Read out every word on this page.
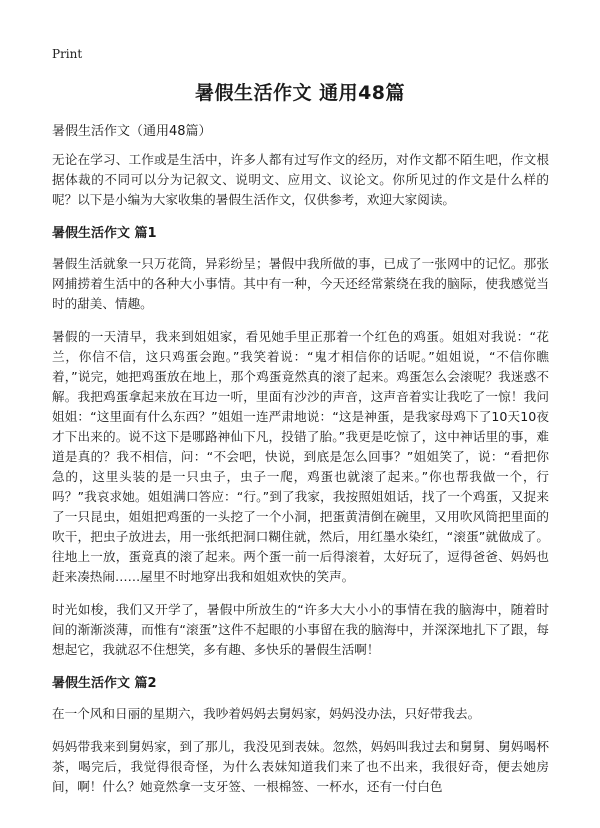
Print
暑假生活作文 通用48篇
暑假生活作文（通用48篇）

无论在学习、工作或是生活中，许多人都有过写作文的经历，对作文都不陌生吧，作文根据体裁的不同可以分为记叙文、说明文、应用文、议论文。你所见过的作文是什么样的呢？以下是小编为大家收集的暑假生活作文，仅供参考，欢迎大家阅读。

暑假生活作文 篇1

暑假生活就象一只万花筒，异彩纷呈；暑假中我所做的事，已成了一张网中的记忆。那张网捕捞着生活中的各种大小事情。其中有一种，今天还经常萦绕在我的脑际，使我感觉当时的甜美、情趣。

暑假的一天清早，我来到姐姐家，看见她手里正那着一个红色的鸡蛋。姐姐对我说：“花兰，你信不信，这只鸡蛋会跑。”我笑着说：“鬼才相信你的话呢。”姐姐说，“不信你瞧着，”说完，她把鸡蛋放在地上，那个鸡蛋竟然真的滚了起来。鸡蛋怎么会滚呢？我迷惑不解。我把鸡蛋拿起来放在耳边一听，里面有沙沙的声音，这声音着实让我吃了一惊！我问姐姐：“这里面有什么东西？”姐姐一连严肃地说：“这是神蛋，是我家母鸡下了10天10夜才下出来的。说不这下是哪路神仙下凡，投错了胎。”我更是吃惊了，这中神话里的事，难道是真的？我不相信，问：“不会吧，快说，到底是怎么回事？”姐姐笑了，说：“看把你急的，这里头装的是一只虫子，虫子一爬，鸡蛋也就滚了起来。”你也帮我做一个，行吗？”我哀求她。姐姐满口答应：“行。”到了我家，我按照姐姐话，找了一个鸡蛋，又捉来了一只昆虫，姐姐把鸡蛋的一头挖了一个小洞，把蛋黄清倒在碗里，又用吹风筒把里面的吹干，把虫子放进去，用一张纸把洞口糊住就，然后，用红墨水染红，“滚蛋”就做成了。往地上一放，蛋竟真的滚了起来。两个蛋一前一后得滚着，太好玩了，逗得爸爸、妈妈也赶来凑热闹……屋里不时地穿出我和姐姐欢快的笑声。

时光如梭，我们又开学了，暑假中所放生的“许多大大小小的事情在我的脑海中，随着时间的渐渐淡薄，而惟有“滚蛋”这件不起眼的小事留在我的脑海中，并深深地扎下了跟，每想起它，我就忍不住想笑，多有趣、多快乐的暑假生活啊！

暑假生活作文 篇2

在一个风和日丽的星期六，我吵着妈妈去舅妈家，妈妈没办法，只好带我去。

妈妈带我来到舅妈家，到了那儿，我没见到表妹。忽然，妈妈叫我过去和舅舅、舅妈喝杯茶，喝完后，我觉得很奇怪，为什么表妹知道我们来了也不出来，我很好奇，便去她房间，啊！什么？她竟然拿一支牙签、一根棉签、一杯水，还有一付白色
